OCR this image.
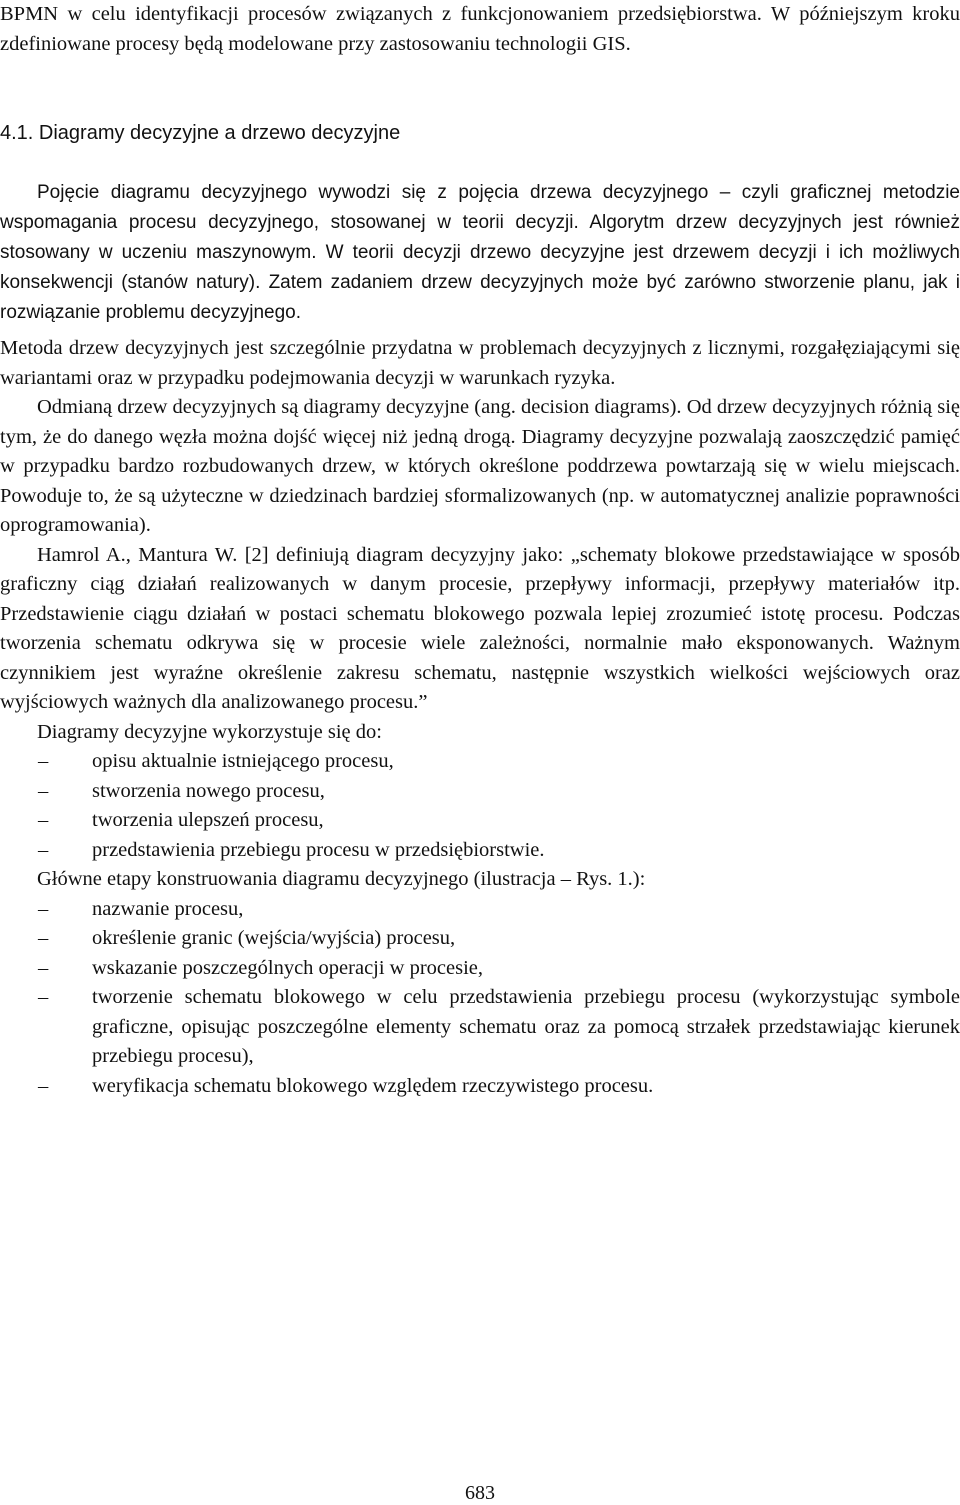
BPMN w celu identyfikacji procesów związanych z funkcjonowaniem przedsiębiorstwa. W późniejszym kroku zdefiniowane procesy będą modelowane przy zastosowaniu technologii GIS.

4.1. Diagramy decyzyjne a drzewo decyzyjne

Pojęcie diagramu decyzyjnego wywodzi się z pojęcia drzewa decyzyjnego – czyli graficznej metodzie wspomagania procesu decyzyjnego, stosowanej w teorii decyzji. Algorytm drzew decyzyjnych jest również stosowany w uczeniu maszynowym. W teorii decyzji drzewo decyzyjne jest drzewem decyzji i ich możliwych konsekwencji (stanów natury). Zatem zadaniem drzew decyzyjnych może być zarówno stworzenie planu, jak i rozwiązanie problemu decyzyjnego.

Metoda drzew decyzyjnych jest szczególnie przydatna w problemach decyzyjnych z licznymi, rozgałęziającymi się wariantami oraz w przypadku podejmowania decyzji w warunkach ryzyka.

Odmianą drzew decyzyjnych są diagramy decyzyjne (ang. decision diagrams). Od drzew decyzyjnych różnią się tym, że do danego węzła można dojść więcej niż jedną drogą. Diagramy decyzyjne pozwalają zaoszczędzić pamięć w przypadku bardzo rozbudowanych drzew, w których określone poddrzewa powtarzają się w wielu miejscach. Powoduje to, że są użyteczne w dziedzinach bardziej sformalizowanych (np. w automatycznej analizie poprawności oprogramowania).

Hamrol A., Mantura W. [2] definiują diagram decyzyjny jako: „schematy blokowe przedstawiające w sposób graficzny ciąg działań realizowanych w danym procesie, przepływy informacji, przepływy materiałów itp. Przedstawienie ciągu działań w postaci schematu blokowego pozwala lepiej zrozumieć istotę procesu. Podczas tworzenia schematu odkrywa się w procesie wiele zależności, normalnie mało eksponowanych. Ważnym czynnikiem jest wyraźne określenie zakresu schematu, następnie wszystkich wielkości wejściowych oraz wyjściowych ważnych dla analizowanego procesu.”

Diagramy decyzyjne wykorzystuje się do:

– opisu aktualnie istniejącego procesu,
– stworzenia nowego procesu,
– tworzenia ulepszeń procesu,
– przedstawienia przebiegu procesu w przedsiębiorstwie.

Główne etapy konstruowania diagramu decyzyjnego (ilustracja – Rys. 1.):

– nazwanie procesu,
– określenie granic (wejścia/wyjścia) procesu,
– wskazanie poszczególnych operacji w procesie,
– tworzenie schematu blokowego w celu przedstawienia przebiegu procesu (wykorzystując symbole graficzne, opisując poszczególne elementy schematu oraz za pomocą strzałek przedstawiając kierunek przebiegu procesu),
– weryfikacja schematu blokowego względem rzeczywistego procesu.
683
